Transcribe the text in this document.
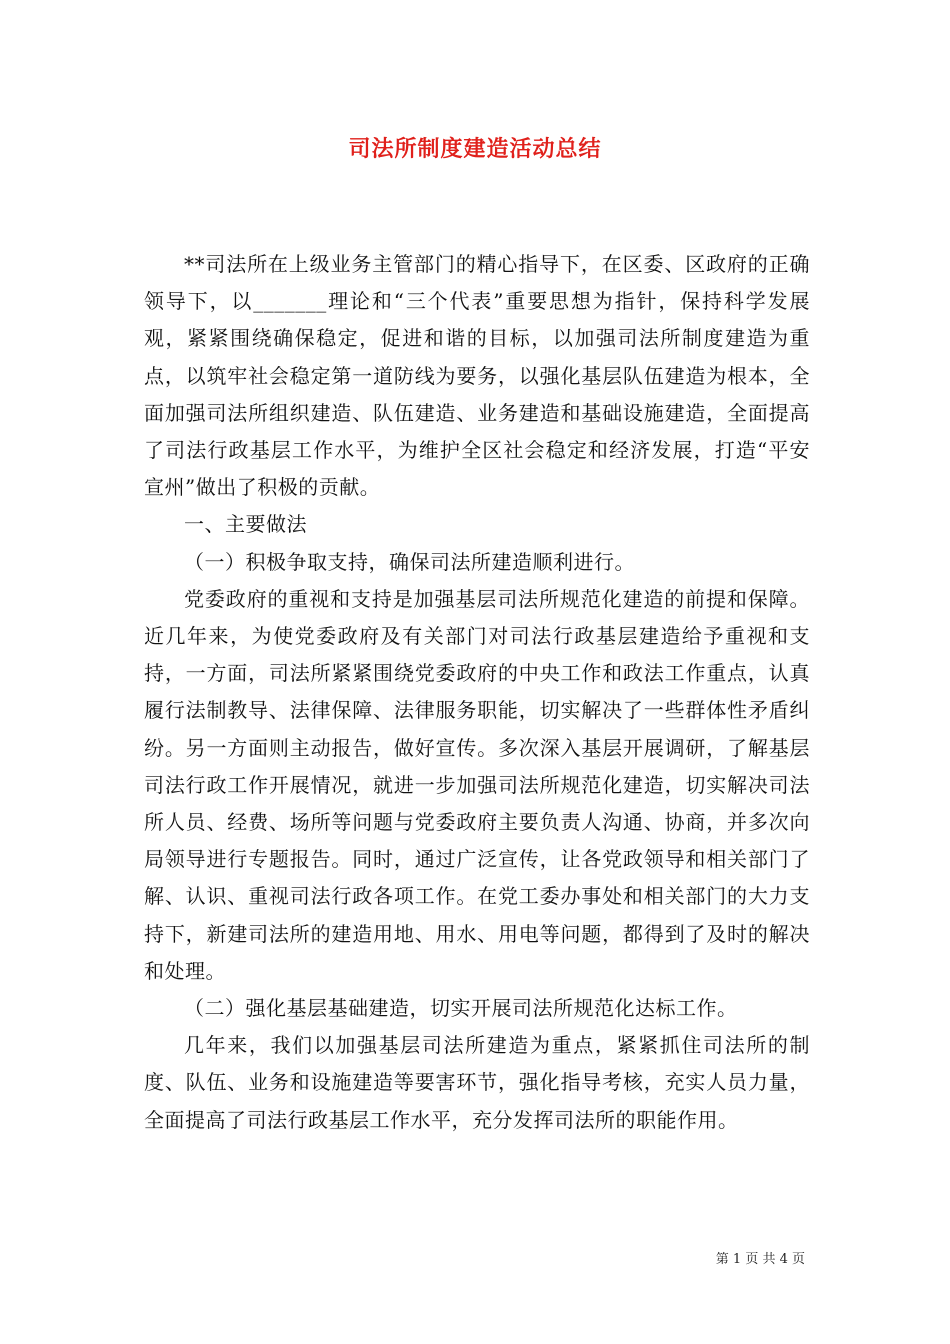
司法所制度建造活动总结

**司法所在上级业务主管部门的精心指导下，在区委、区政府的正确领导下，以_______理论和“三个代表”重要思想为指针，保持科学发展观，紧紧围绕确保稳定，促进和谐的目标，以加强司法所制度建造为重点，以筑牢社会稳定第一道防线为要务，以强化基层队伍建造为根本，全面加强司法所组织建造、队伍建造、业务建造和基础设施建造，全面提高了司法行政基层工作水平，为维护全区社会稳定和经济发展，打造“平安宣州”做出了积极的贡献。

一、主要做法

（一）积极争取支持，确保司法所建造顺利进行。

党委政府的重视和支持是加强基层司法所规范化建造的前提和保障。近几年来，为使党委政府及有关部门对司法行政基层建造给予重视和支持，一方面，司法所紧紧围绕党委政府的中央工作和政法工作重点，认真履行法制教导、法律保障、法律服务职能，切实解决了一些群体性矛盾纠纷。另一方面则主动报告，做好宣传。多次深入基层开展调研，了解基层司法行政工作开展情况，就进一步加强司法所规范化建造，切实解决司法所人员、经费、场所等问题与党委政府主要负责人沟通、协商，并多次向局领导进行专题报告。同时，通过广泛宣传，让各党政领导和相关部门了解、认识、重视司法行政各项工作。在党工委办事处和相关部门的大力支持下，新建司法所的建造用地、用水、用电等问题，都得到了及时的解决和处理。

（二）强化基层基础建造，切实开展司法所规范化达标工作。

几年来，我们以加强基层司法所建造为重点，紧紧抓住司法所的制度、队伍、业务和设施建造等要害环节，强化指导考核，充实人员力量，全面提高了司法行政基层工作水平，充分发挥司法所的职能作用。

第 1 页 共 4 页
